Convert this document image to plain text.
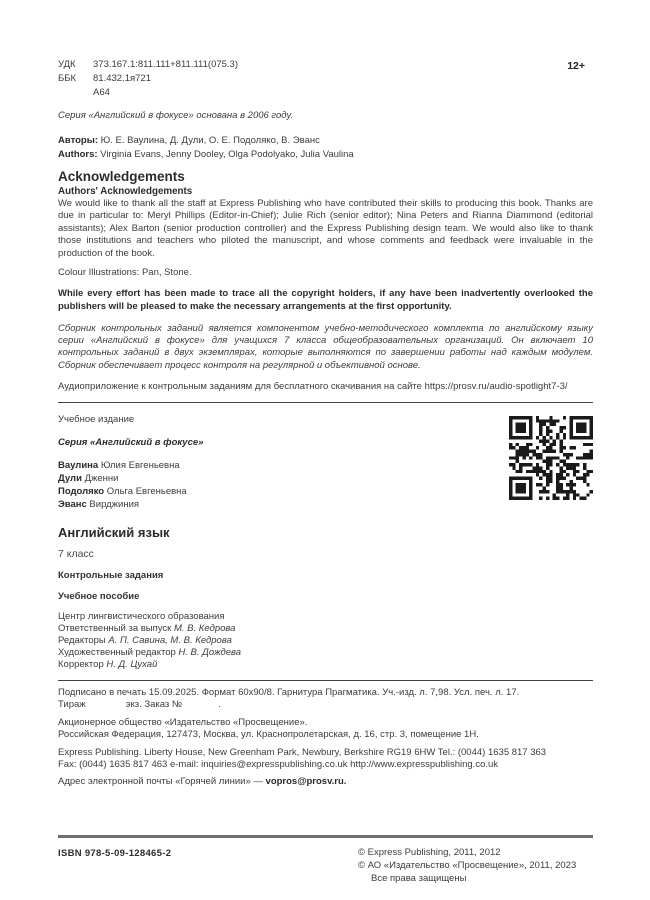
12+
УДК	373.167.1:811.111+811.111(075.3)
ББК	81.432.1я721
А64
Серия «Английский в фокусе» основана в 2006 году.
Авторы: Ю. Е. Ваулина, Д. Дули, О. Е. Подоляко, В. Эванс
Authors: Virginia Evans, Jenny Dooley, Olga Podolyako, Julia Vaulina

Acknowledgements

Authors' Acknowledgements

We would like to thank all the staff at Express Publishing who have contributed their skills to producing this book. Thanks are due in particular to: Meryl Phillips (Editor-in-Chief); Julie Rich (senior editor); Nina Peters and Rianna Diammond (editorial assistants); Alex Barton (senior production controller) and the Express Publishing design team. We would also like to thank those institutions and teachers who piloted the manuscript, and whose comments and feedback were invaluable in the production of the book.

Colour Illustrations: Pan, Stone.
While every effort has been made to trace all the copyright holders, if any have been inadvertently overlooked the publishers will be pleased to make the necessary arrangements at the first opportunity.
Сборник контрольных заданий является компонентом учебно-методического комплекта по английскому языку серии «Английский в фокусе» для учащихся 7 класса общеобразовательных организаций. Он включает 10 контрольных заданий в двух экземплярах, которые выполняются по завершении работы над каждым модулем. Сборник обеспечивает процесс контроля на регулярной и объективной основе.
Аудиоприложение к контрольным заданиям для бесплатного скачивания на сайте https://prosv.ru/audio-spotlight7-3/
Учебное издание
Серия «Английский в фокусе»
Ваулина Юлия Евгеньевна
Дули Дженни
Подоляко Ольга Евгеньевна
Эванс Вирджиния
Английский язык
7 класс
Контрольные задания
Учебное пособие
Центр лингвистического образования
Ответственный за выпуск М. В. Кедрова
Редакторы А. П. Савина, М. В. Кедрова
Художественный редактор Н. В. Дождева
Корректор Н. Д. Цухай
Подписано в печать 15.09.2025. Формат 60х90/8. Гарнитура Прагматика. Уч.-изд. л. 7,98. Усл. печ. л. 17.
Тираж	экз. Заказ №	.
Акционерное общество «Издательство «Просвещение».
Российская Федерация, 127473, Москва, ул. Краснопролетарская, д. 16, стр. 3, помещение 1Н.
Express Publishing. Liberty House, New Greenham Park, Newbury, Berkshire RG19 6HW Tel.: (0044) 1635 817 363
Fax: (0044) 1635 817 463 e-mail: inquiries@expresspublishing.co.uk http://www.expresspublishing.co.uk
Адрес электронной почты «Горячей линии» — vopros@prosv.ru.
ISBN 978-5-09-128465-2	© Express Publishing, 2011, 2012
© АО «Издательство «Просвещение», 2011, 2023
Все права защищены
